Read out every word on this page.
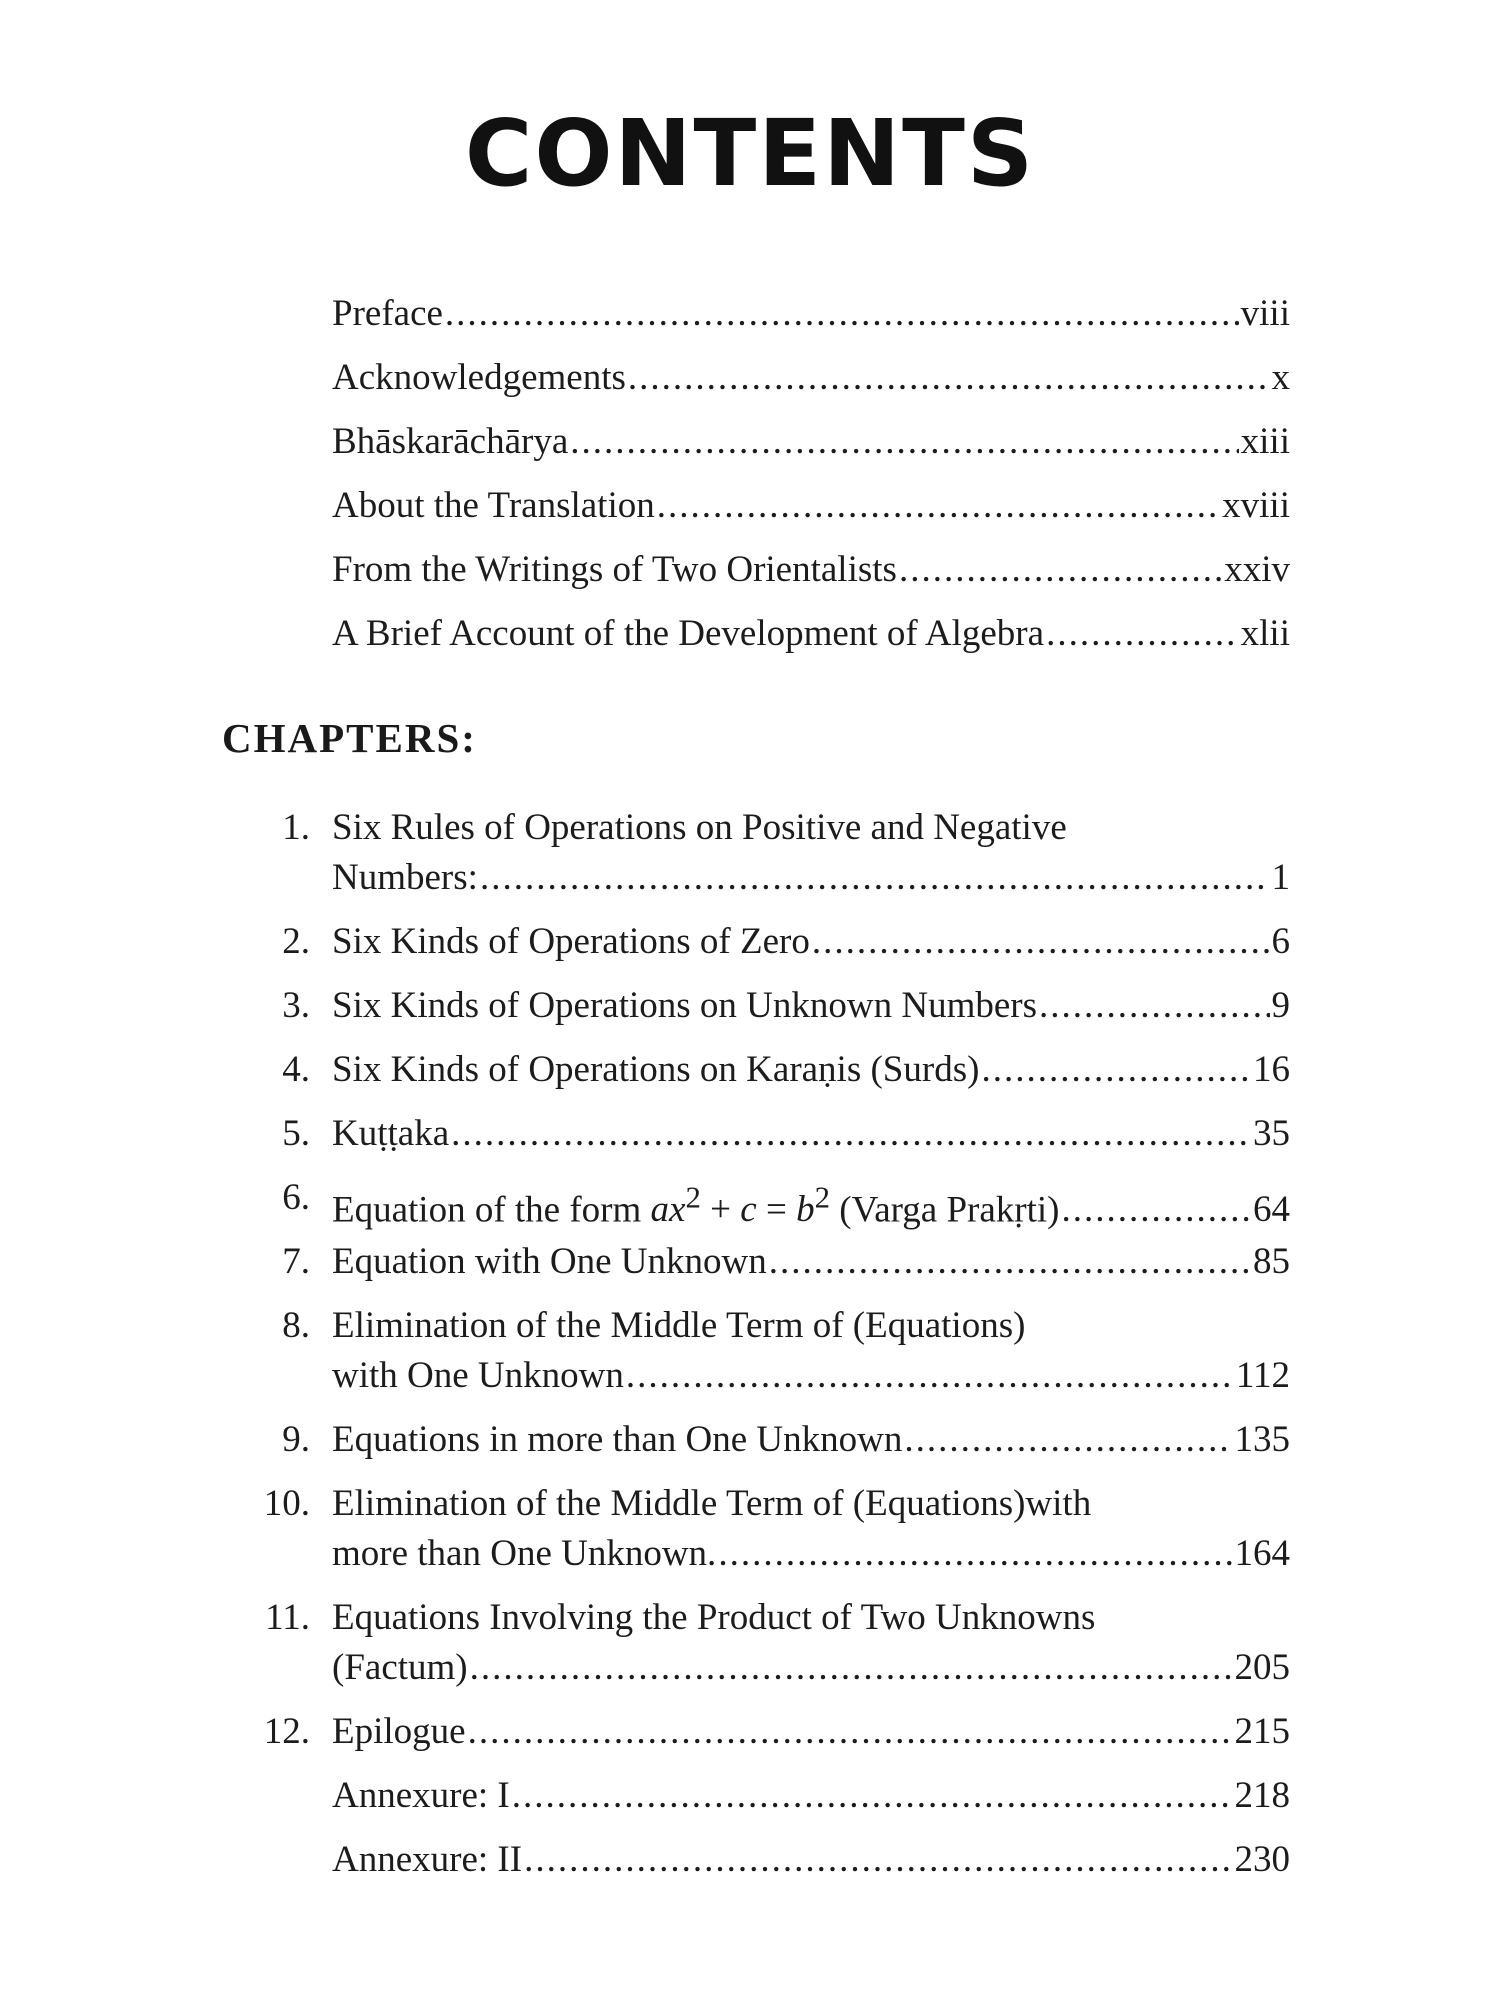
CONTENTS
Preface .....	viii
Acknowledgements .....	x
Bhāskarāchārya .....	xiii
About the Translation .....	xviii
From the Writings of Two Orientalists .....	xxiv
A Brief Account of the Development of Algebra .....	xlii
CHAPTERS:
1. Six Rules of Operations on Positive and Negative
Numbers: .....	1
2. Six Kinds of Operations of Zero .....	6
3. Six Kinds of Operations on Unknown Numbers .....	9
4. Six Kinds of Operations on Karaṇis (Surds) .....	16
5. Kuṭṭaka .....	35
6. Equation of the form $ax^2 + c = b^2$ (Varga Prakṛti) .....	64
7. Equation with One Unknown .....	85
8. Elimination of the Middle Term of (Equations)
with One Unknown .....	112
9. Equations in more than One Unknown .....	135
10. Elimination of the Middle Term of (Equations)with
more than One Unknown. .....	164
11. Equations Involving the Product of Two Unknowns
(Factum) .....	205
12. Epilogue .....	215
Annexure: I .....	218
Annexure: II .....	230
